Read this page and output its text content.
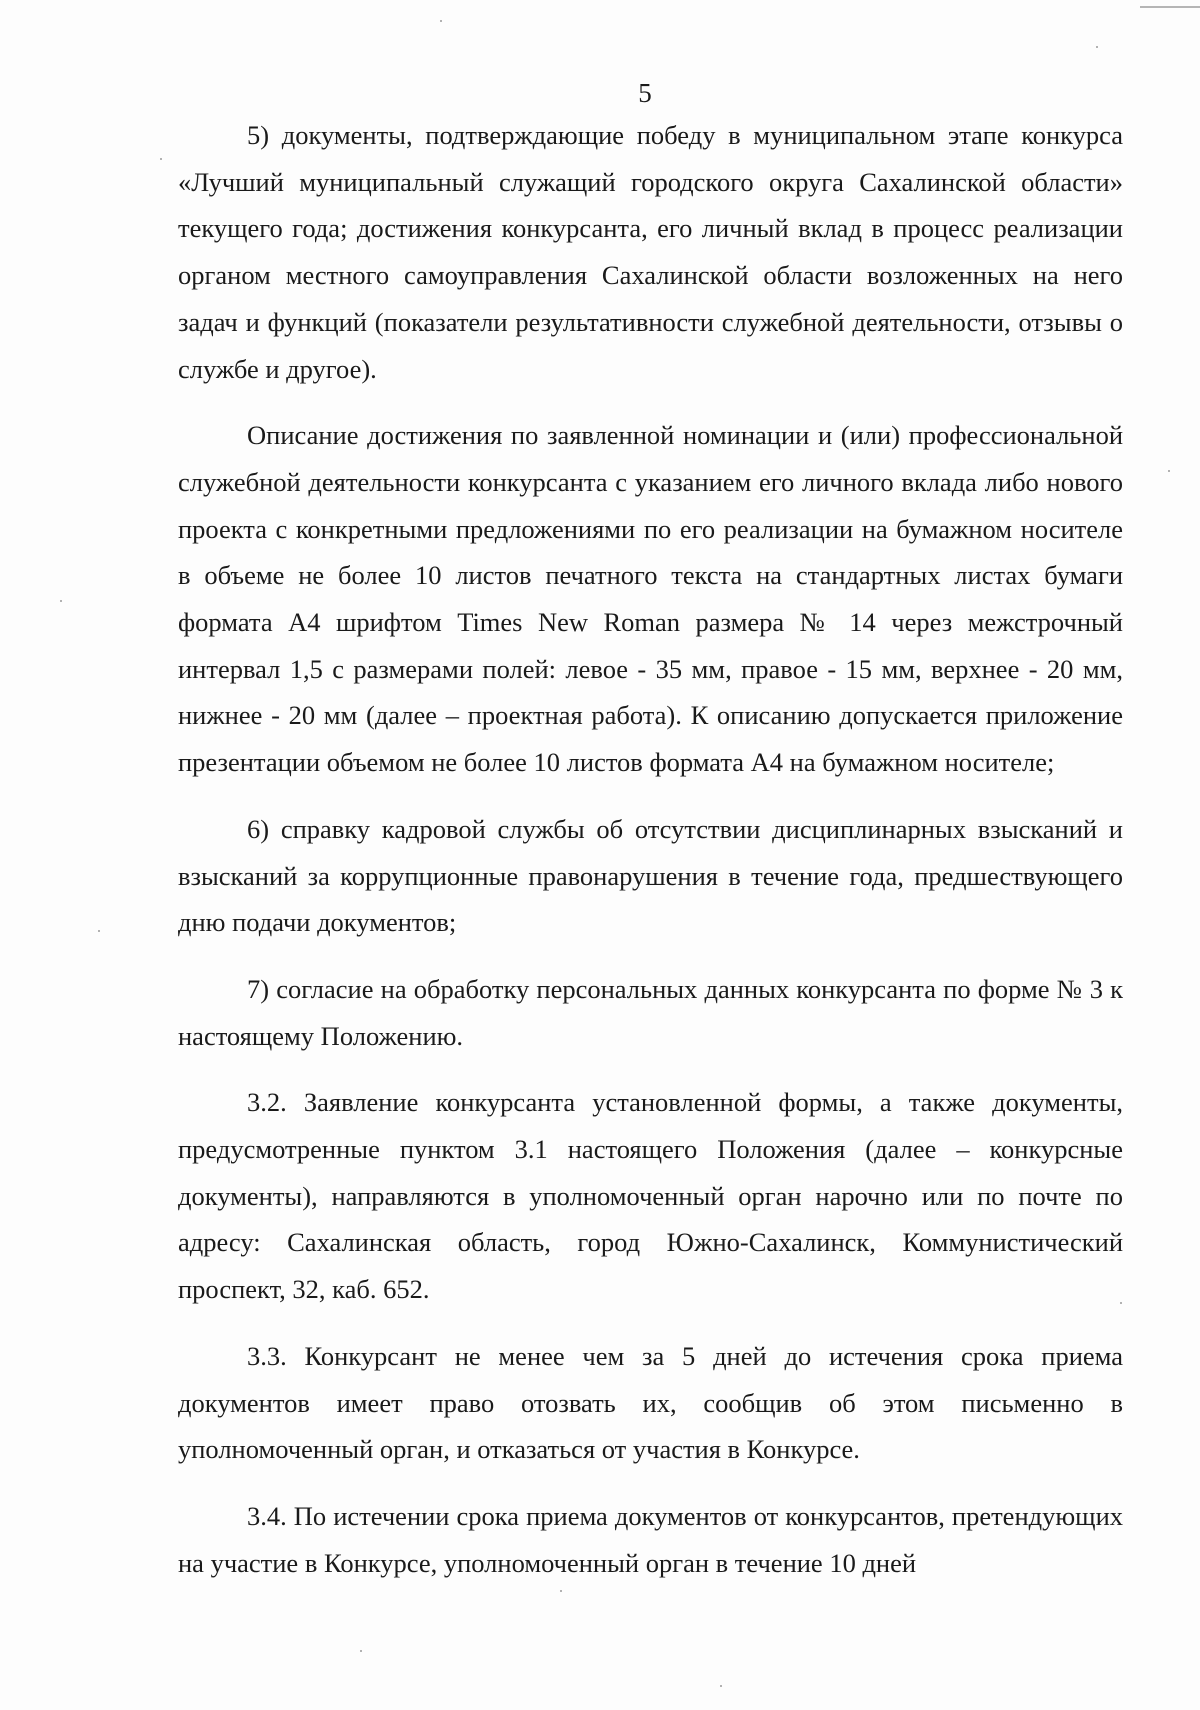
5

5) документы, подтверждающие победу в муниципальном этапе конкурса «Лучший муниципальный служащий городского округа Сахалинской области» текущего года; достижения конкурсанта, его личный вклад в процесс реализации органом местного самоуправления Сахалинской области возложенных на него задач и функций (показатели результативности служебной деятельности, отзывы о службе и другое).

Описание достижения по заявленной номинации и (или) профессиональной служебной деятельности конкурсанта с указанием его личного вклада либо нового проекта с конкретными предложениями по его реализации на бумажном носителе в объеме не более 10 листов печатного текста на стандартных листах бумаги формата А4 шрифтом Times New Roman размера № 14 через межстрочный интервал 1,5 с размерами полей: левое - 35 мм, правое - 15 мм, верхнее - 20 мм, нижнее - 20 мм (далее – проектная работа). К описанию допускается приложение презентации объемом не более 10 листов формата А4 на бумажном носителе;

6) справку кадровой службы об отсутствии дисциплинарных взысканий и взысканий за коррупционные правонарушения в течение года, предшествующего дню подачи документов;

7) согласие на обработку персональных данных конкурсанта по форме № 3 к настоящему Положению.

3.2. Заявление конкурсанта установленной формы, а также документы, предусмотренные пунктом 3.1 настоящего Положения (далее – конкурсные документы), направляются в уполномоченный орган нарочно или по почте по адресу: Сахалинская область, город Южно-Сахалинск, Коммунистический проспект, 32, каб. 652.

3.3. Конкурсант не менее чем за 5 дней до истечения срока приема документов имеет право отозвать их, сообщив об этом письменно в уполномоченный орган, и отказаться от участия в Конкурсе.

3.4. По истечении срока приема документов от конкурсантов, претендующих на участие в Конкурсе, уполномоченный орган в течение 10 дней
